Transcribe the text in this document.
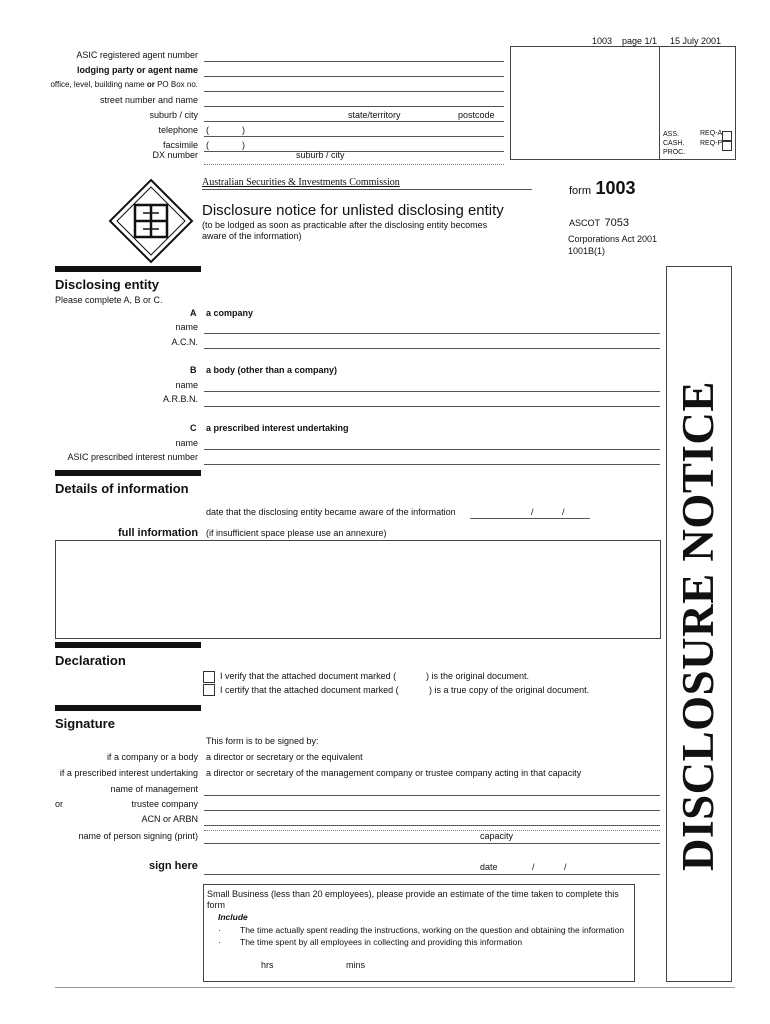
1003 page 1/1 15 July 2001
ASIC registered agent number
lodging party or agent name
office, level, building name or PO Box no.
street number and name
suburb / city	state/territory	postcode
telephone (	)
facsimile (	)
DX number	suburb / city
ASS.
CASH.
PROC.
REQ-A
REQ-P
Australian Securities & Investments Commission
form 1003
Disclosure notice for unlisted disclosing entity
(to be lodged as soon as practicable after the disclosing entity becomes aware of the information)
ASCOT 7053
Corporations Act 2001
1001B(1)
DISCLOSURE NOTICE
Disclosing entity
Please complete A, B or C.
A a company
name
A.C.N.
B a body (other than a company)
name
A.R.B.N.
C a prescribed interest undertaking
name
ASIC prescribed interest number
Details of information
date that the disclosing entity became aware of the information	/	/
full information (if insufficient space please use an annexure)
Declaration
I verify that the attached document marked (	) is the original document.
I certify that the attached document marked (	) is a true copy of the original document.
Signature
This form is to be signed by:
if a company or a body a director or secretary or the equivalent
if a prescribed interest undertaking a director or secretary of the management company or trustee company acting in that capacity
name of management
or	trustee company
ACN or ARBN
name of person signing (print)	capacity
sign here	date	/	/
Small Business (less than 20 employees), please provide an estimate of the time taken to complete this form
Include
· The time actually spent reading the instructions, working on the question and obtaining the information
· The time spent by all employees in collecting and providing this information
hrs	mins
